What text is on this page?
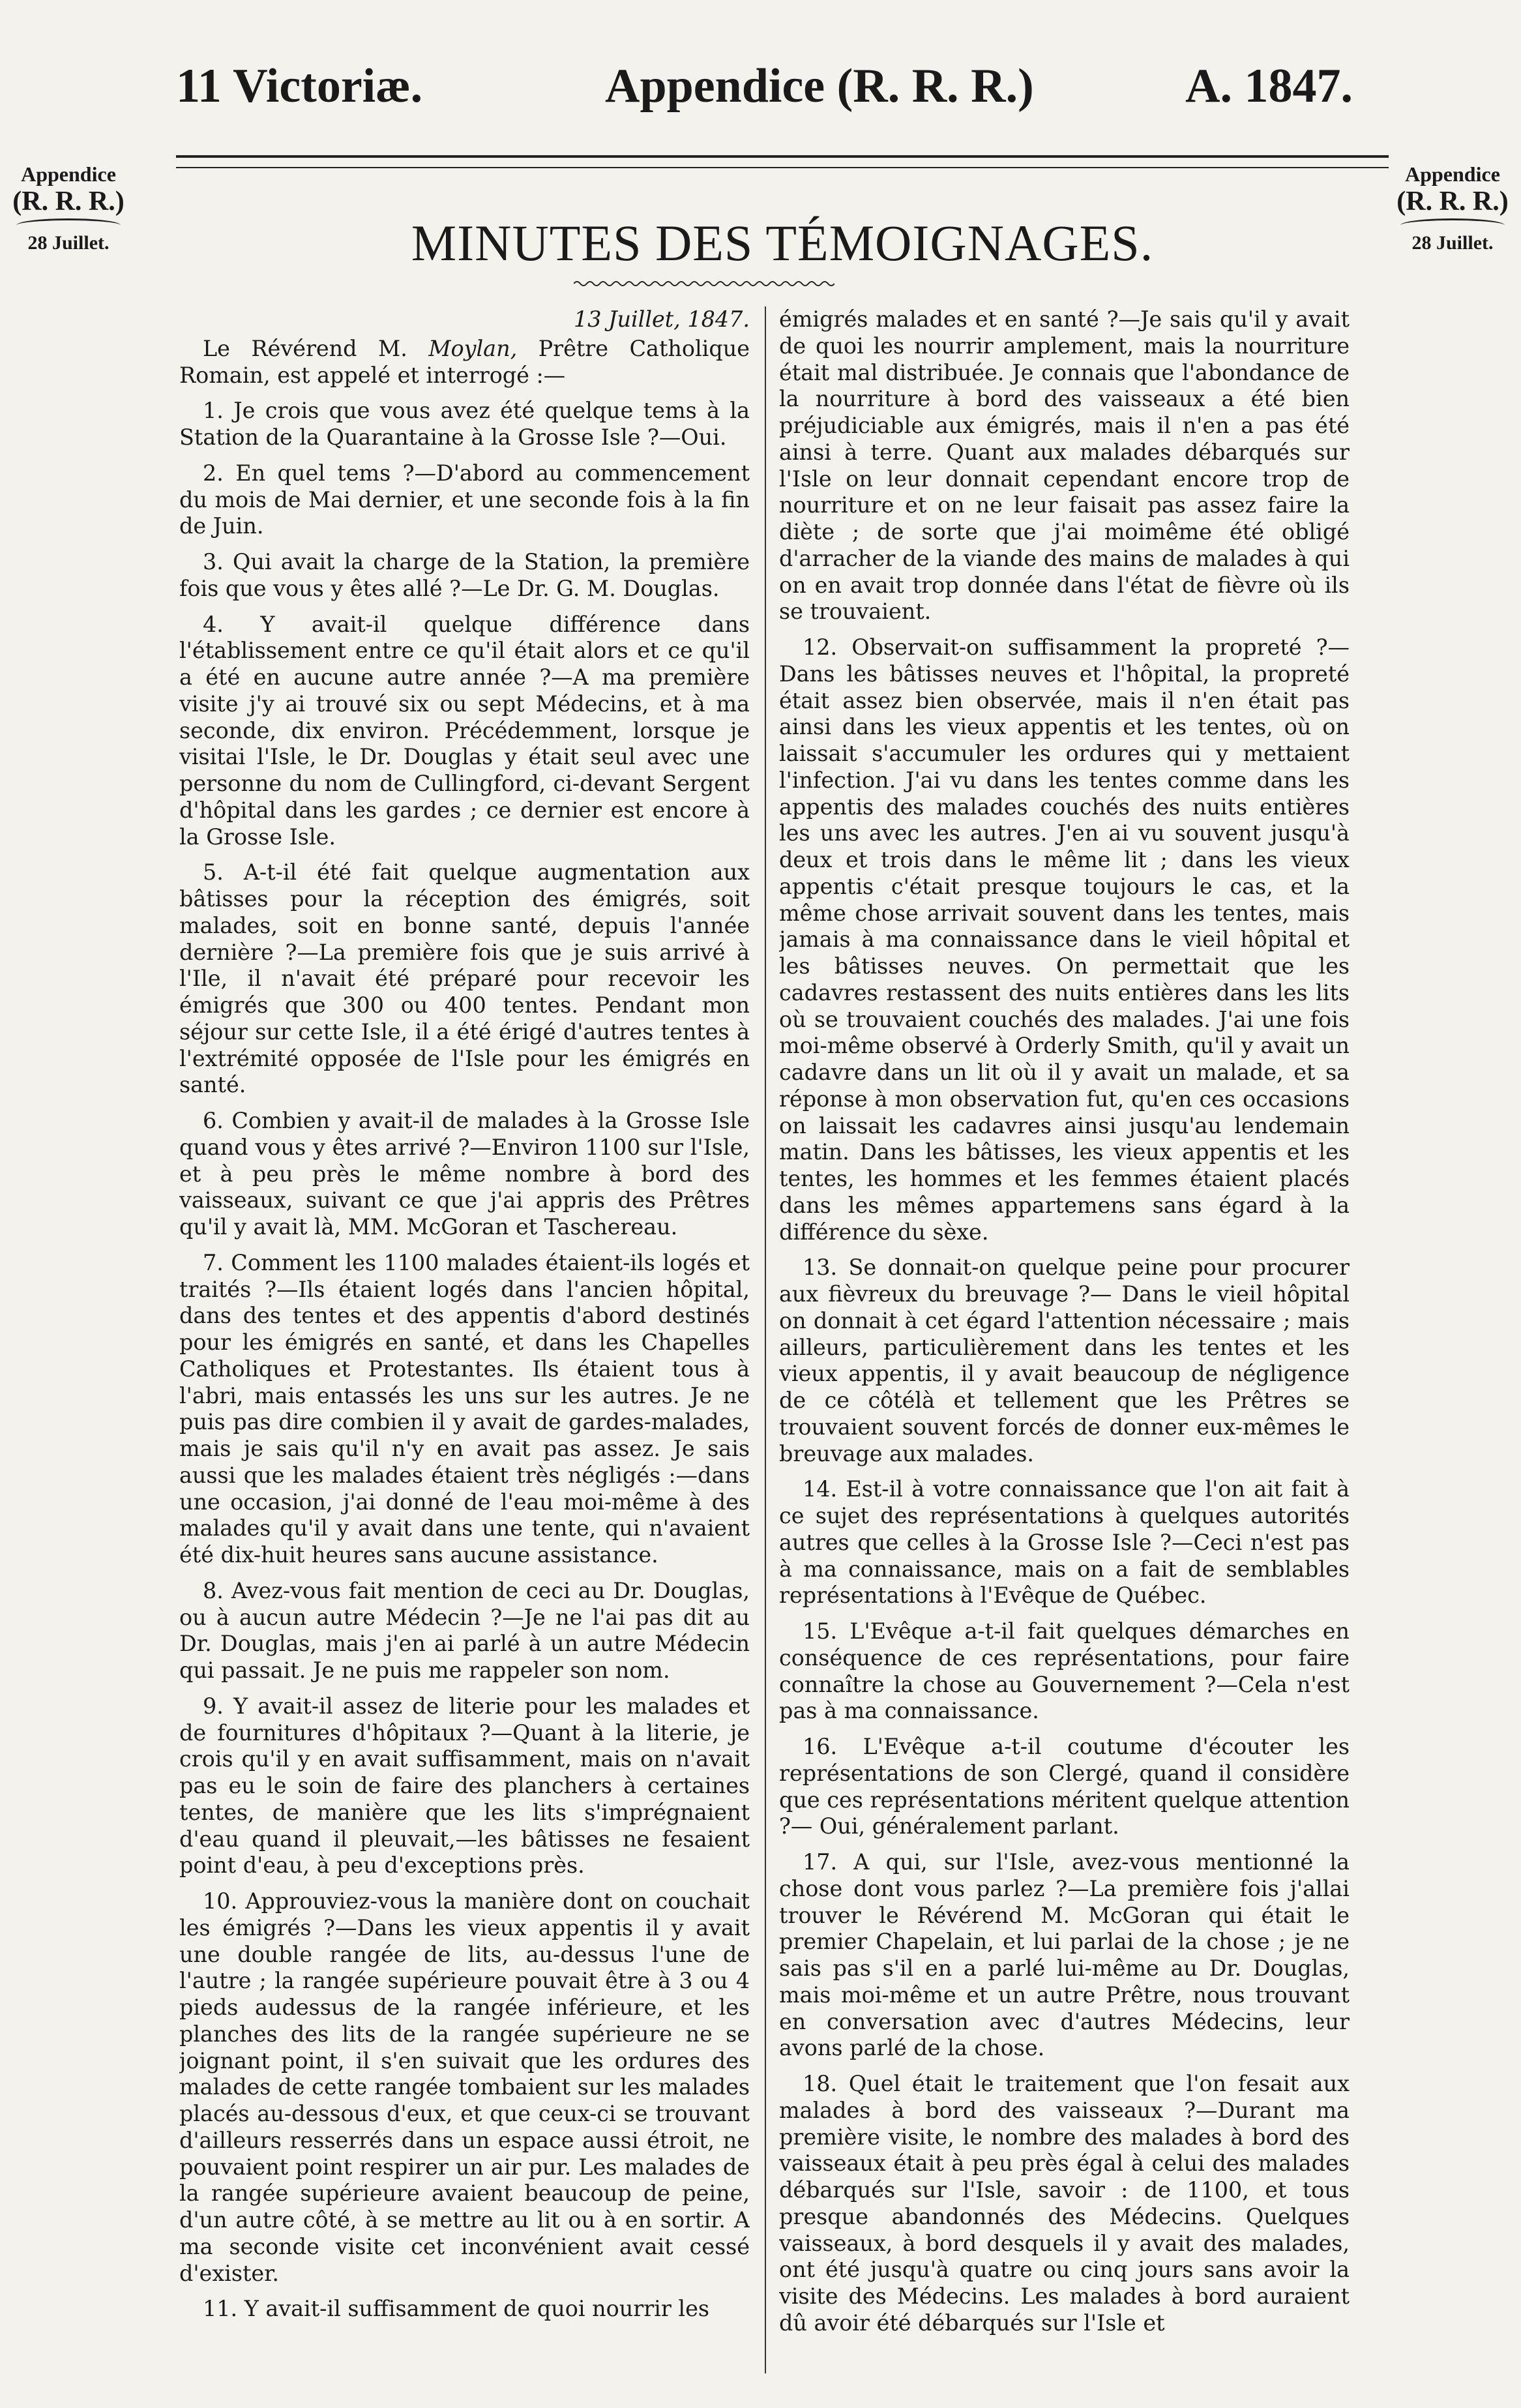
11 Victoriæ.	Appendice (R. R. R.)	A. 1847.
Appendice
(R. R. R.)
28 Juillet.
Appendice
(R. R. R.)
28 Juillet.
MINUTES DES TÉMOIGNAGES.

13 Juillet, 1847.

Le Révérend M. Moylan, Prêtre Catholique Romain, est appelé et interrogé :—

1. Je crois que vous avez été quelque tems à la Station de la Quarantaine à la Grosse Isle ?—Oui.

2. En quel tems ?—D'abord au commencement du mois de Mai dernier, et une seconde fois à la fin de Juin.

3. Qui avait la charge de la Station, la première fois que vous y êtes allé ?—Le Dr. G. M. Douglas.

4. Y avait-il quelque différence dans l'établissement entre ce qu'il était alors et ce qu'il a été en aucune autre année ?—A ma première visite j'y ai trouvé six ou sept Médecins, et à ma seconde, dix environ. Précédemment, lorsque je visitai l'Isle, le Dr. Douglas y était seul avec une personne du nom de Cullingford, ci-devant Sergent d'hôpital dans les gardes ; ce dernier est encore à la Grosse Isle.

5. A-t-il été fait quelque augmentation aux bâtisses pour la réception des émigrés, soit malades, soit en bonne santé, depuis l'année dernière ?—La première fois que je suis arrivé à l'Ile, il n'avait été préparé pour recevoir les émigrés que 300 ou 400 tentes. Pendant mon séjour sur cette Isle, il a été érigé d'autres tentes à l'extrémité opposée de l'Isle pour les émigrés en santé.

6. Combien y avait-il de malades à la Grosse Isle quand vous y êtes arrivé ?—Environ 1100 sur l'Isle, et à peu près le même nombre à bord des vaisseaux, suivant ce que j'ai appris des Prêtres qu'il y avait là, MM. McGoran et Taschereau.

7. Comment les 1100 malades étaient-ils logés et traités ?—Ils étaient logés dans l'ancien hôpital, dans des tentes et des appentis d'abord destinés pour les émigrés en santé, et dans les Chapelles Catholiques et Protestantes. Ils étaient tous à l'abri, mais entassés les uns sur les autres. Je ne puis pas dire combien il y avait de gardes-malades, mais je sais qu'il n'y en avait pas assez. Je sais aussi que les malades étaient très négligés :—dans une occasion, j'ai donné de l'eau moi-même à des malades qu'il y avait dans une tente, qui n'avaient été dix-huit heures sans aucune assistance.

8. Avez-vous fait mention de ceci au Dr. Douglas, ou à aucun autre Médecin ?—Je ne l'ai pas dit au Dr. Douglas, mais j'en ai parlé à un autre Médecin qui passait. Je ne puis me rappeler son nom.

9. Y avait-il assez de literie pour les malades et de fournitures d'hôpitaux ?—Quant à la literie, je crois qu'il y en avait suffisamment, mais on n'avait pas eu le soin de faire des planchers à certaines tentes, de manière que les lits s'imprégnaient d'eau quand il pleuvait,—les bâtisses ne fesaient point d'eau, à peu d'exceptions près.

10. Approuviez-vous la manière dont on couchait les émigrés ?—Dans les vieux appentis il y avait une double rangée de lits, au-dessus l'une de l'autre ; la rangée supérieure pouvait être à 3 ou 4 pieds audessus de la rangée inférieure, et les planches des lits de la rangée supérieure ne se joignant point, il s'en suivait que les ordures des malades de cette rangée tombaient sur les malades placés au-dessous d'eux, et que ceux-ci se trouvant d'ailleurs resserrés dans un espace aussi étroit, ne pouvaient point respirer un air pur. Les malades de la rangée supérieure avaient beaucoup de peine, d'un autre côté, à se mettre au lit ou à en sortir. A ma seconde visite cet inconvénient avait cessé d'exister.

11. Y avait-il suffisamment de quoi nourrir les

émigrés malades et en santé ?—Je sais qu'il y avait de quoi les nourrir amplement, mais la nourriture était mal distribuée. Je connais que l'abondance de la nourriture à bord des vaisseaux a été bien préjudiciable aux émigrés, mais il n'en a pas été ainsi à terre. Quant aux malades débarqués sur l'Isle on leur donnait cependant encore trop de nourriture et on ne leur faisait pas assez faire la diète ; de sorte que j'ai moimême été obligé d'arracher de la viande des mains de malades à qui on en avait trop donnée dans l'état de fièvre où ils se trouvaient.

12. Observait-on suffisamment la propreté ?— Dans les bâtisses neuves et l'hôpital, la propreté était assez bien observée, mais il n'en était pas ainsi dans les vieux appentis et les tentes, où on laissait s'accumuler les ordures qui y mettaient l'infection. J'ai vu dans les tentes comme dans les appentis des malades couchés des nuits entières les uns avec les autres. J'en ai vu souvent jusqu'à deux et trois dans le même lit ; dans les vieux appentis c'était presque toujours le cas, et la même chose arrivait souvent dans les tentes, mais jamais à ma connaissance dans le vieil hôpital et les bâtisses neuves. On permettait que les cadavres restassent des nuits entières dans les lits où se trouvaient couchés des malades. J'ai une fois moi-même observé à Orderly Smith, qu'il y avait un cadavre dans un lit où il y avait un malade, et sa réponse à mon observation fut, qu'en ces occasions on laissait les cadavres ainsi jusqu'au lendemain matin. Dans les bâtisses, les vieux appentis et les tentes, les hommes et les femmes étaient placés dans les mêmes appartemens sans égard à la différence du sèxe.

13. Se donnait-on quelque peine pour procurer aux fièvreux du breuvage ?— Dans le vieil hôpital on donnait à cet égard l'attention nécessaire ; mais ailleurs, particulièrement dans les tentes et les vieux appentis, il y avait beaucoup de négligence de ce côtélà et tellement que les Prêtres se trouvaient souvent forcés de donner eux-mêmes le breuvage aux malades.

14. Est-il à votre connaissance que l'on ait fait à ce sujet des représentations à quelques autorités autres que celles à la Grosse Isle ?—Ceci n'est pas à ma connaissance, mais on a fait de semblables représentations à l'Evêque de Québec.

15. L'Evêque a-t-il fait quelques démarches en conséquence de ces représentations, pour faire connaître la chose au Gouvernement ?—Cela n'est pas à ma connaissance.

16. L'Evêque a-t-il coutume d'écouter les représentations de son Clergé, quand il considère que ces représentations méritent quelque attention ?— Oui, généralement parlant.

17. A qui, sur l'Isle, avez-vous mentionné la chose dont vous parlez ?—La première fois j'allai trouver le Révérend M. McGoran qui était le premier Chapelain, et lui parlai de la chose ; je ne sais pas s'il en a parlé lui-même au Dr. Douglas, mais moi-même et un autre Prêtre, nous trouvant en conversation avec d'autres Médecins, leur avons parlé de la chose.

18. Quel était le traitement que l'on fesait aux malades à bord des vaisseaux ?—Durant ma première visite, le nombre des malades à bord des vaisseaux était à peu près égal à celui des malades débarqués sur l'Isle, savoir : de 1100, et tous presque abandonnés des Médecins. Quelques vaisseaux, à bord desquels il y avait des malades, ont été jusqu'à quatre ou cinq jours sans avoir la visite des Médecins. Les malades à bord auraient dû avoir été débarqués sur l'Isle et
